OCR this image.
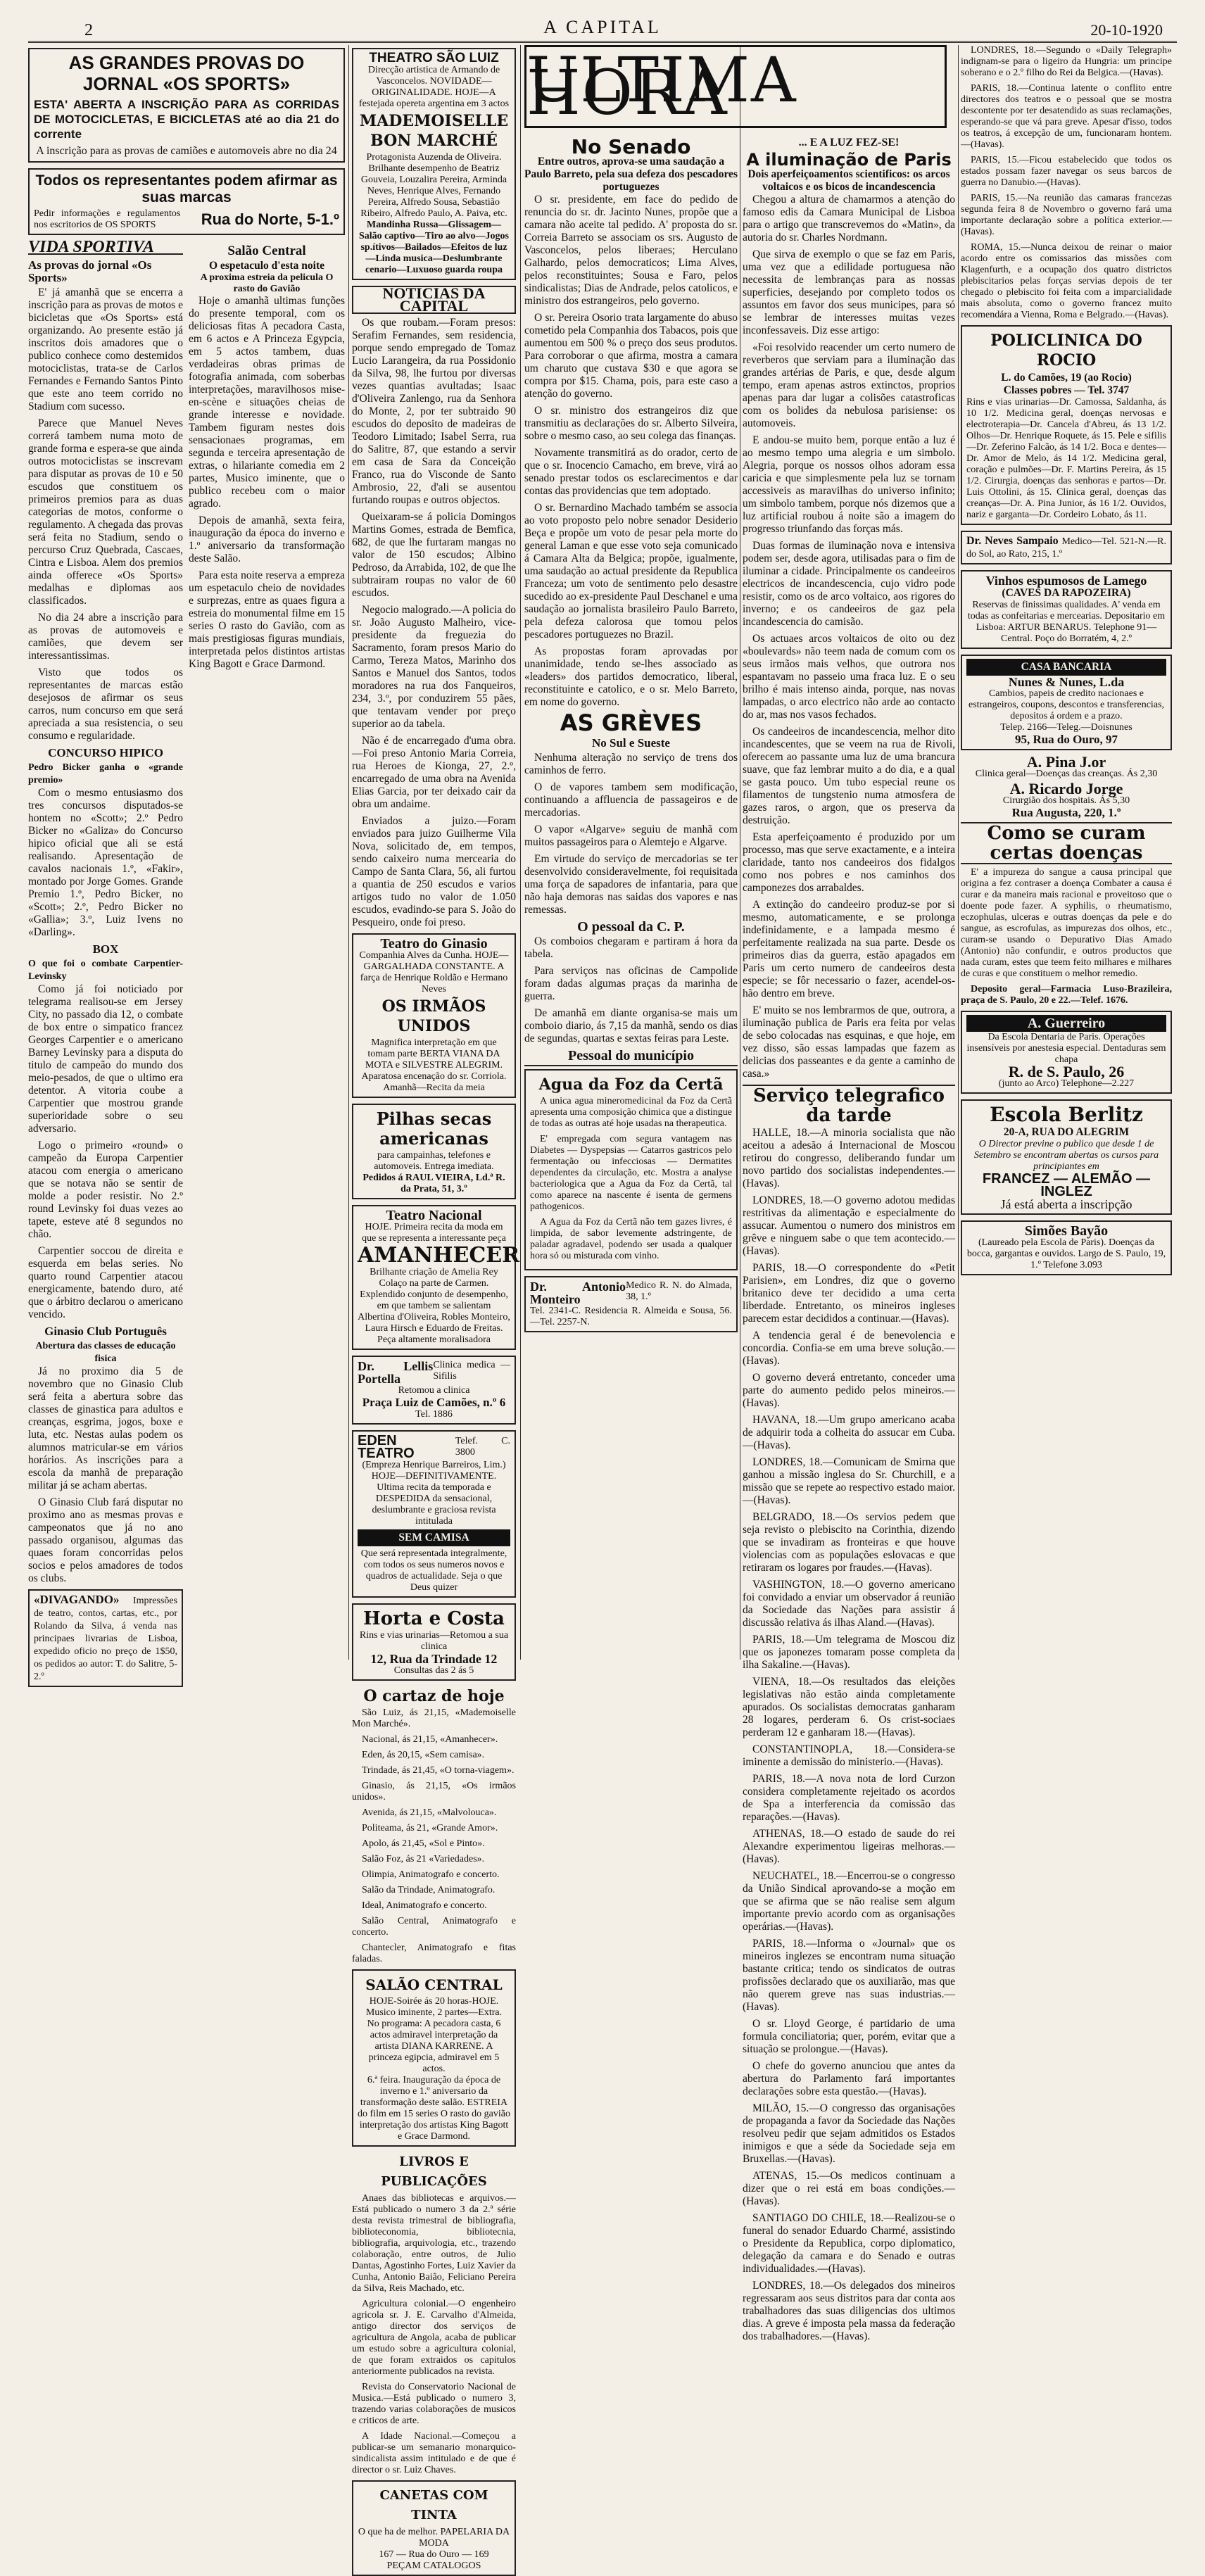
2	A CAPITAL	20-10-1920
AS GRANDES PROVAS DO JORNAL «OS SPORTS»
ESTA' ABERTA A INSCRIÇÃO PARA AS CORRIDAS DE MOTOCICLETAS, E BICICLETAS até ao dia 21 do corrente
A inscrição para as provas de camiões e automoveis abre no dia 24
Todos os representantes podem afirmar as suas marcas
Pedir informações e regulamentos nos escritorios de OS SPORTS	Rua do Norte, 5-1.º
VIDA SPORTIVA
As provas do jornal «Os Sports»

E' já amanhã que se encerra a inscrição para as provas de motos e bicicletas que «Os Sports» está organizando. Ao presente estão já inscritos dois amadores que o publico conhece como destemidos motociclistas, trata-se de Carlos Fernandes e Fernando Santos Pinto que este ano teem corrido no Stadium com sucesso.

Parece que Manuel Neves correrá tambem numa moto de grande forma e espera-se que ainda outros motociclistas se inscrevam para disputar as provas de 10 e 50 escudos que constituem os primeiros premios para as duas categorias de motos, conforme o regulamento. A chegada das provas será feita no Stadium, sendo o percurso Cruz Quebrada, Cascaes, Cintra e Lisboa. Alem dos premios ainda offerece «Os Sports» medalhas e diplomas aos classificados.

No dia 24 abre a inscrição para as provas de automoveis e camiões, que devem ser interessantissimas.

Visto que todos os representantes de marcas estão desejosos de afirmar os seus carros, num concurso em que será apreciada a sua resistencia, o seu consumo e regularidade.

CONCURSO HIPICO
Pedro Bicker ganha o «grande premio»

Com o mesmo entusiasmo dos tres concursos disputados-se hontem no «Scott»; 2.º Pedro Bicker no «Galiza» do Concurso hipico oficial que ali se está realisando. Apresentação de cavalos nacionais 1.º, «Fakir», montado por Jorge Gomes. Grande Premio 1.º, Pedro Bicker, no «Scott»; 2.º, Pedro Bicker no «Gallia»; 3.º, Luiz Ivens no «Darling».

BOX
O que foi o combate Carpentier-Levinsky

Como já foi noticiado por telegrama realisou-se em Jersey City, no passado dia 12, o combate de box entre o simpatico francez Georges Carpentier e o americano Barney Levinsky para a disputa do titulo de campeão do mundo dos meio-pesados, de que o ultimo era detentor. A vitoria coube a Carpentier que mostrou grande superioridade sobre o seu adversario.

Logo o primeiro «round» o campeão da Europa Carpentier atacou com energia o americano que se notava não se sentir de molde a poder resistir. No 2.º round Levinsky foi duas vezes ao tapete, esteve até 8 segundos no chão.

Carpentier soccou de direita e esquerda em belas series. No quarto round Carpentier atacou energicamente, batendo duro, até que o árbitro declarou o americano vencido.

Ginasio Club Português
Abertura das classes de educação fisica

Já no proximo dia 5 de novembro que no Ginasio Club será feita a abertura sobre das classes de ginastica para adultos e creanças, esgrima, jogos, boxe e luta, etc. Nestas aulas podem os alumnos matricular-se em vários horários. As inscrições para a escola da manhã de preparação militar já se acham abertas.

O Ginasio Club fará disputar no proximo ano as mesmas provas e campeonatos que já no ano passado organisou, algumas das quaes foram concorridas pelos socios e pelos amadores de todos os clubs.

«DIVAGANDO» Impressões de teatro, contos, cartas, etc., por Rolando da Silva, á venda nas principaes livrarias de Lisboa, expedido oficio no preço de 1$50, os pedidos ao autor: T. do Salitre, 5-2.º
Salão Central
O espetaculo d'esta noite
A proxima estreia da pelicula O rasto do Gavião

Hoje o amanhã ultimas funções do presente temporal, com os deliciosas fitas A pecadora Casta, em 6 actos e A Princeza Egypcia, em 5 actos tambem, duas verdadeiras obras primas de fotografia animada, com soberbas interpretações, maravilhosos mise-en-scène e situações cheias de grande interesse e novidade. Tambem figuram nestes dois sensacionaes programas, em segunda e terceira apresentação de extras, o hilariante comedia em 2 partes, Musico iminente, que o publico recebeu com o maior agrado.

Depois de amanhã, sexta feira, inauguração da época do inverno e 1.º aniversario da transformação deste Salão.

Para esta noite reserva a empreza um espetaculo cheio de novidades e surprezas, entre as quaes figura a estreia do monumental filme em 15 series O rasto do Gavião, com as mais prestigiosas figuras mundiais, interpretada pelos distintos artistas King Bagott e Grace Darmond.

THEATRO SÃO LUIZ
Direcção artistica de Armando de Vasconcelos. NOVIDADE—ORIGINALIDADE. HOJE—A festejada opereta argentina em 3 actos
MADEMOISELLE BON MARCHÉ
Protagonista Auzenda de Oliveira. Brilhante desempenho de Beatriz Gouveia, Louzalira Pereira, Arminda Neves, Henrique Alves, Fernando Pereira, Alfredo Sousa, Sebastião Ribeiro, Alfredo Paulo, A. Paiva, etc.
Mandinha Russa—Glissagem—Salão captivo—Tiro ao alvo—Jogos sp.ítivos—Bailados—Efeitos de luz—Linda musica—Deslumbrante cenario—Luxuoso guarda roupa
NOTICIAS DA CAPITAL

Os que roubam.—Foram presos: Serafim Fernandes, sem residencia, porque sendo empregado de Tomaz Lucio Larangeira, da rua Possidonio da Silva, 98, lhe furtou por diversas vezes quantias avultadas; Isaac d'Oliveira Zanlengo, rua da Senhora do Monte, 2, por ter subtraido 90 escudos do deposito de madeiras de Teodoro Limitado; Isabel Serra, rua do Salitre, 87, que estando a servir em casa de Sara da Conceição Franco, rua do Visconde de Santo Ambrosio, 22, d'ali se ausentou furtando roupas e outros objectos.

Queixaram-se á policia Domingos Martins Gomes, estrada de Bemfica, 682, de que lhe furtaram mangas no valor de 150 escudos; Albino Pedroso, da Arrabida, 102, de que lhe subtrairam roupas no valor de 60 escudos.

Negocio malogrado.—A policia do sr. João Augusto Malheiro, vice-presidente da freguezia do Sacramento, foram presos Mario do Carmo, Tereza Matos, Marinho dos Santos e Manuel dos Santos, todos moradores na rua dos Fanqueiros, 234, 3.º, por conduzirem 55 pães, que tentavam vender por preço superior ao da tabela.

Não é de encarregado d'uma obra.—Foi preso Antonio Maria Correia, rua Heroes de Kionga, 27, 2.º, encarregado de uma obra na Avenida Elias Garcia, por ter deixado cair da obra um andaime.

Enviados a juizo.—Foram enviados para juizo Guilherme Vila Nova, solicitado de, em tempos, sendo caixeiro numa mercearia do Campo de Santa Clara, 56, ali furtou a quantia de 250 escudos e varios artigos tudo no valor de 1.050 escudos, evadindo-se para S. João do Pesqueiro, onde foi preso.

Teatro do Ginasio
Companhia Alves da Cunha. HOJE—GARGALHADA CONSTANTE. A farça de Henrique Roldão e Hermano Neves
OS IRMÃOS UNIDOS
Magnifica interpretação em que tomam parte BERTA VIANA DA MOTA e SILVESTRE ALEGRIM. Aparatosa encenação do sr. Corriola. Amanhã—Recita da meia
Pilhas secas americanas
para campainhas, telefones e automoveis. Entrega imediata.
Pedidos á RAUL VIEIRA, Ld.ª R. da Prata, 51, 3.º
Teatro Nacional
HOJE. Primeira recita da moda em que se representa a interessante peça
AMANHECER
Brilhante criação de Amelia Rey Colaço na parte de Carmen. Explendido conjunto de desempenho, em que tambem se salientam Albertina d'Oliveira, Robles Monteiro, Laura Hirsch e Eduardo de Freitas. Peça altamente moralisadora
Dr. Lellis Portella
Clinica medica — Sifilis
Retomou a clinica
Praça Luiz de Camões, n.º 6
Tel. 1886
EDEN TEATRO
Telef. C. 3800
(Empreza Henrique Barreiros, Lim.)
HOJE—DEFINITIVAMENTE. Ultima recita da temporada e DESPEDIDA da sensacional, deslumbrante e graciosa revista intitulada
SEM CAMISA
Que será representada integralmente, com todos os seus numeros novos e quadros de actualidade. Seja o que Deus quizer
Horta e Costa
Rins e vias urinarias—Retomou a sua clinica
12, Rua da Trindade 12
Consultas das 2 ás 5
O cartaz de hoje

São Luiz, ás 21,15, «Mademoiselle Mon Marché».

Nacional, ás 21,15, «Amanhecer».

Eden, ás 20,15, «Sem camisa».

Trindade, ás 21,45, «O torna-viagem».

Ginasio, ás 21,15, «Os irmãos unidos».

Avenida, ás 21,15, «Malvolouca».

Politeama, ás 21, «Grande Amor».

Apolo, ás 21,45, «Sol e Pinto».

Salão Foz, ás 21 «Variedades».

Olimpia, Animatografo e concerto.

Salão da Trindade, Animatografo.

Ideal, Animatografo e concerto.

Salão Central, Animatografo e concerto.

Chantecler, Animatografo e fitas faladas.

SALÃO CENTRAL
HOJE-Soirée ás 20 horas-HOJE. Musico iminente, 2 partes—Extra.
No programa: A pecadora casta, 6 actos admiravel interpretação da artista DIANA KARRENE. A princeza egipcia, admiravel em 5 actos.
6.ª feira. Inauguração da época de inverno e 1.º aniversario da transformação deste salão. ESTREIA do film em 15 series O rasto do gavião interpretação dos artistas King Bagott e Grace Darmond.
LIVROS E PUBLICAÇÕES

Anaes das bibliotecas e arquivos.—Está publicado o numero 3 da 2.ª série desta revista trimestral de bibliografia, biblioteconomia, bibliotecnia, bibliografia, arquivologia, etc., trazendo colaboração, entre outros, de Julio Dantas, Agostinho Fortes, Luiz Xavier da Cunha, Antonio Baião, Feliciano Pereira da Silva, Reis Machado, etc.

Agricultura colonial.—O engenheiro agricola sr. J. E. Carvalho d'Almeida, antigo director dos serviços de agricultura de Angola, acaba de publicar um estudo sobre a agricultura colonial, de que foram extraidos os capitulos anteriormente publicados na revista.

Revista do Conservatorio Nacional de Musica.—Está publicado o numero 3, trazendo varias colaborações de musicos e criticos de arte.

A Idade Nacional.—Começou a publicar-se um semanario monarquico-sindicalista assim intitulado e de que é director o sr. Luiz Chaves.

CANETAS COM TINTA
O que ha de melhor. PAPELARIA DA MODA
167 — Rua do Ouro — 169
PEÇAM CATALOGOS
ULTIMA HORA
No Senado
Entre outros, aprova-se uma saudação a Paulo Barreto, pela sua defeza dos pescadores portuguezes

O sr. presidente, em face do pedido de renuncia do sr. dr. Jacinto Nunes, propõe que a camara não aceite tal pedido. A' proposta do sr. Correia Barreto se associam os srs. Augusto de Vasconcelos, pelos liberaes; Herculano Galhardo, pelos democraticos; Lima Alves, pelos reconstituintes; Sousa e Faro, pelos sindicalistas; Dias de Andrade, pelos catolicos, e ministro dos estrangeiros, pelo governo.

O sr. Pereira Osorio trata largamente do abuso cometido pela Companhia dos Tabacos, pois que aumentou em 500 % o preço dos seus produtos. Para corroborar o que afirma, mostra a camara um charuto que custava $30 e que agora se compra por $15. Chama, pois, para este caso a atenção do governo.

O sr. ministro dos estrangeiros diz que transmitiu as declarações do sr. Alberto Silveira, sobre o mesmo caso, ao seu colega das finanças.

Novamente transmitirá as do orador, certo de que o sr. Inocencio Camacho, em breve, virá ao senado prestar todos os esclarecimentos e dar contas das providencias que tem adoptado.

O sr. Bernardino Machado também se associa ao voto proposto pelo nobre senador Desiderio Beça e propõe um voto de pesar pela morte do general Laman e que esse voto seja comunicado á Camara Alta da Belgica; propõe, igualmente, uma saudação ao actual presidente da Republica Franceza; um voto de sentimento pelo desastre sucedido ao ex-presidente Paul Deschanel e uma saudação ao jornalista brasileiro Paulo Barreto, pela defeza calorosa que tomou pelos pescadores portuguezes no Brazil.

As propostas foram aprovadas por unanimidade, tendo se-lhes associado as «leaders» dos partidos democratico, liberal, reconstituinte e catolico, e o sr. Melo Barreto, em nome do governo.

AS GRÈVES
No Sul e Sueste

Nenhuma alteração no serviço de trens dos caminhos de ferro.

O de vapores tambem sem modificação, continuando a affluencia de passageiros e de mercadorias.

O vapor «Algarve» seguiu de manhã com muitos passageiros para o Alemtejo e Algarve.

Em virtude do serviço de mercadorias se ter desenvolvido consideravelmente, foi requisitada uma força de sapadores de infantaria, para que não haja demoras nas saidas dos vapores e nas remessas.

O pessoal da C. P.

Os comboios chegaram e partiram á hora da tabela.

Para serviços nas oficinas de Campolide foram dadas algumas praças da marinha de guerra.

De amanhã em diante organisa-se mais um comboio diario, ás 7,15 da manhã, sendo os dias de segundas, quartas e sextas feiras para Leste.

Pessoal do município
Agua da Foz da Certã

A unica agua mineromedicinal da Foz da Certã apresenta uma composição chimica que a distingue de todas as outras até hoje usadas na therapeutica.

E' empregada com segura vantagem nas Diabetes — Dyspepsias — Catarros gastricos pelo fermentação ou infecciosas — Dermatites dependentes da circulação, etc. Mostra a analyse bacteriologica que a Agua da Foz da Certã, tal como aparece na nascente é isenta de germens pathogenicos.

A Agua da Foz da Certã não tem gazes livres, é limpida, de sabor levemente adstringente, de paladar agradavel, podendo ser usada a qualquer hora só ou misturada com vinho.

Dr. Antonio Monteiro
Medico R. N. do Almada, 38, 1.º
Tel. 2341-C. Residencia R. Almeida e Sousa, 56.—Tel. 2257-N.
... E A LUZ FEZ-SE!
A iluminação de Paris
Dois aperfeiçoamentos scientificos: os arcos voltaicos e os bicos de incandescencia

Chegou a altura de chamarmos a atenção do famoso edis da Camara Municipal de Lisboa para o artigo que transcrevemos do «Matin», da autoria do sr. Charles Nordmann.

Que sirva de exemplo o que se faz em Paris, uma vez que a edilidade portuguesa não necessita de lembranças para as nossas superficies, desejando por completo todos os assuntos em favor dos seus municipes, para só se lembrar de interesses muitas vezes inconfessaveis. Diz esse artigo:

«Foi resolvido reacender um certo numero de reverberos que serviam para a iluminação das grandes artérias de Paris, e que, desde algum tempo, eram apenas astros extinctos, proprios apenas para dar lugar a colisões catastroficas com os bolides da nebulosa parisiense: os automoveis.

E andou-se muito bem, porque então a luz é ao mesmo tempo uma alegria e um simbolo. Alegria, porque os nossos olhos adoram essa caricia e que simplesmente pela luz se tornam accessiveis as maravilhas do universo infinito; um simbolo tambem, porque nós dizemos que a luz artificial roubou á noite são a imagem do progresso triunfando das forças más.

Duas formas de iluminação nova e intensiva podem ser, desde agora, utilisadas para o fim de iluminar a cidade. Principalmente os candeeiros electricos de incandescencia, cujo vidro pode resistir, como os de arco voltaico, aos rigores do inverno; e os candeeiros de gaz pela incandescencia do camisão.

Os actuaes arcos voltaicos de oito ou dez «boulevards» não teem nada de comum com os seus irmãos mais velhos, que outrora nos espantavam no passeio uma fraca luz. E o seu brilho é mais intenso ainda, porque, nas novas lampadas, o arco electrico não arde ao contacto do ar, mas nos vasos fechados.

Os candeeiros de incandescencia, melhor dito incandescentes, que se veem na rua de Rivoli, oferecem ao passante uma luz de uma brancura suave, que faz lembrar muito a do dia, e a qual se gasta pouco. Um tubo especial reune os filamentos de tungstenio numa atmosfera de gazes raros, o argon, que os preserva da destruição.

Esta aperfeiçoamento é produzido por um processo, mas que serve exactamente, e a inteira claridade, tanto nos candeeiros dos fidalgos como nos pobres e nos caminhos dos camponezes dos arrabaldes.

A extinção do candeeiro produz-se por si mesmo, automaticamente, e se prolonga indefinidamente, e a lampada mesmo é perfeitamente realizada na sua parte. Desde os primeiros dias da guerra, estão apagados em Paris um certo numero de candeeiros desta especie; se fôr necessario o fazer, acendel-os-hão dentro em breve.

E' muito se nos lembrarmos de que, outrora, a iluminação publica de Paris era feita por velas de sebo colocadas nas esquinas, e que hoje, em vez disso, são essas lampadas que fazem as delicias dos passeantes e da gente a caminho de casa.»

Serviço telegrafico da tarde

HALLE, 18.—A minoria socialista que não aceitou a adesão á Internacional de Moscou retirou do congresso, deliberando fundar um novo partido dos socialistas independentes.—(Havas).

LONDRES, 18.—O governo adotou medidas restritivas da alimentação e especialmente do assucar. Aumentou o numero dos ministros em grêve e ninguem sabe o que tem acontecido.—(Havas).

PARIS, 18.—O correspondente do «Petit Parisien», em Londres, diz que o governo britanico deve ter decidido a uma certa liberdade. Entretanto, os mineiros ingleses parecem estar decididos a continuar.—(Havas).

A tendencia geral é de benevolencia e concordia. Confia-se em uma breve solução.—(Havas).

O governo deverá entretanto, conceder uma parte do aumento pedido pelos mineiros.—(Havas).

HAVANA, 18.—Um grupo americano acaba de adquirir toda a colheita do assucar em Cuba.—(Havas).

LONDRES, 18.—Comunicam de Smirna que ganhou a missão inglesa do Sr. Churchill, e a missão que se repete ao respectivo estado maior.—(Havas).

BELGRADO, 18.—Os servios pedem que seja revisto o plebiscito na Corinthia, dizendo que se invadiram as fronteiras e que houve violencias com as populações eslovacas e que retiraram os logares por fraudes.—(Havas).

VASHINGTON, 18.—O governo americano foi convidado a enviar um observador á reunião da Sociedade das Nações para assistir á discussão relativa ás ilhas Aland.—(Havas).

PARIS, 18.—Um telegrama de Moscou diz que os japonezes tomaram posse completa da ilha Sakaline.—(Havas).

VIENA, 18.—Os resultados das eleições legislativas não estão ainda completamente apurados. Os socialistas democratas ganharam 28 logares, perderam 6. Os crist-sociaes perderam 12 e ganharam 18.—(Havas).

CONSTANTINOPLA, 18.—Considera-se iminente a demissão do ministerio.—(Havas).

PARIS, 18.—A nova nota de lord Curzon considera completamente rejeitado os acordos de Spa a interferencia da comissão das reparações.—(Havas).

ATHENAS, 18.—O estado de saude do rei Alexandre experimentou ligeiras melhoras.—(Havas).

NEUCHATEL, 18.—Encerrou-se o congresso da União Sindical aprovando-se a moção em que se afirma que se não realise sem algum importante previo acordo com as organisações operárias.—(Havas).

PARIS, 18.—Informa o «Journal» que os mineiros inglezes se encontram numa situação bastante critica; tendo os sindicatos de outras profissões declarado que os auxiliarão, mas que não querem greve nas suas industrias.—(Havas).

O sr. Lloyd George, é partidario de uma formula conciliatoria; quer, porém, evitar que a situação se prolongue.—(Havas).

O chefe do governo anunciou que antes da abertura do Parlamento fará importantes declarações sobre esta questão.—(Havas).

MILÃO, 15.—O congresso das organisações de propaganda a favor da Sociedade das Nações resolveu pedir que sejam admitidos os Estados inimigos e que a séde da Sociedade seja em Bruxellas.—(Havas).

ATENAS, 15.—Os medicos continuam a dizer que o rei está em boas condições.—(Havas).

SANTIAGO DO CHILE, 18.—Realizou-se o funeral do senador Eduardo Charmé, assistindo o Presidente da Republica, corpo diplomatico, delegação da camara e do Senado e outras individualidades.—(Havas).

LONDRES, 18.—Os delegados dos mineiros regressaram aos seus distritos para dar conta aos trabalhadores das suas diligencias dos ultimos dias. A greve é imposta pela massa da federação dos trabalhadores.—(Havas).

LONDRES, 18.—Segundo o «Daily Telegraph» indignam-se para o ligeiro da Hungria: um principe soberano e o 2.º filho do Rei da Belgica.—(Havas).

PARIS, 18.—Continua latente o conflito entre directores dos teatros e o pessoal que se mostra descontente por ter desatendido as suas reclamações, esperando-se que vá para greve. Apesar d'isso, todos os teatros, á excepção de um, funcionaram hontem.—(Havas).

PARIS, 15.—Ficou estabelecido que todos os estados possam fazer navegar os seus barcos de guerra no Danubio.—(Havas).

PARIS, 15.—Na reunião das camaras francezas segunda feira 8 de Novembro o governo fará uma importante declaração sobre a política exterior.—(Havas).

ROMA, 15.—Nunca deixou de reinar o maior acordo entre os comissarios das missões com Klagenfurth, e a ocupação dos quatro districtos plebiscitarios pelas forças servias depois de ter chegado o plebiscito foi feita com a imparcialidade mais absoluta, como o governo francez muito recomendára a Vienna, Roma e Belgrado.—(Havas).

POLICLINICA DO ROCIO
L. do Camões, 19 (ao Rocio)
Classes pobres — Tel. 3747

Rins e vias urinarias—Dr. Camossa, Saldanha, ás 10 1/2. Medicina geral, doenças nervosas e electroterapia—Dr. Cancela d'Abreu, ás 13 1/2. Olhos—Dr. Henrique Roquete, ás 15. Pele e sifilis—Dr. Zeferino Falcão, ás 14 1/2. Boca e dentes—Dr. Amor de Melo, ás 14 1/2. Medicina geral, coração e pulmões—Dr. F. Martins Pereira, ás 15 1/2. Cirurgia, doenças das senhoras e partos—Dr. Luis Ottolini, ás 15. Clinica geral, doenças das creanças—Dr. A. Pina Junior, ás 16 1/2. Ouvidos, nariz e garganta—Dr. Cordeiro Lobato, ás 11.

Dr. Neves Sampaio Medico—Tel. 521-N.—R. do Sol, ao Rato, 215, 1.º
Vinhos espumosos de Lamego
(CAVES DA RAPOZEIRA)
Reservas de finissimas qualidades. A' venda em todas as confeitarias e mercearias. Depositario em Lisboa: ARTUR BENARUS. Telephone 91—Central. Poço do Borratém, 4, 2.º
CASA BANCARIA
Nunes & Nunes, L.da
Cambios, papeis de credito nacionaes e estrangeiros, coupons, descontos e transferencias, depositos á ordem e a prazo.
Telep. 2166—Teleg.—Doisnunes
95, Rua do Ouro, 97
A. Pina J.or
Clinica geral—Doenças das creanças. Ás 2,30
A. Ricardo Jorge
Cirurgião dos hospitais. Ás 5,30
Rua Augusta, 220, 1.º
Como se curam certas doenças

E' a impureza do sangue a causa principal que origina a fez contraser a doença Combater a causa é curar e da maneira mais racional e proveitoso que o doente pode fazer. A syphilis, o rheumatismo, eczophulas, ulceras e outras doenças da pele e do sangue, as escrofulas, as impurezas dos olhos, etc., curam-se usando o Depurativo Dias Amado (Antonio) não confundir, e outros productos que nada curam, estes que teem feito milhares e milhares de curas e que constituem o melhor remedio.

Deposito geral—Farmacia Luso-Brazileira, praça de S. Paulo, 20 e 22.—Telef. 1676.

A. Guerreiro
Da Escola Dentaria de Paris. Operações insensíveis por anestesia especial. Dentaduras sem chapa
R. de S. Paulo, 26
(junto ao Arco) Telephone—2.227
Escola Berlitz
20-A, RUA DO ALEGRIM
O Director previne o publico que desde 1 de Setembro se encontram abertas os cursos para principiantes em
FRANCEZ — ALEMÃO — INGLEZ
Já está aberta a inscripção
Simões Bayão
(Laureado pela Escola de Paris). Doenças da bocca, gargantas e ouvidos. Largo de S. Paulo, 19, 1.º Telefone 3.093
